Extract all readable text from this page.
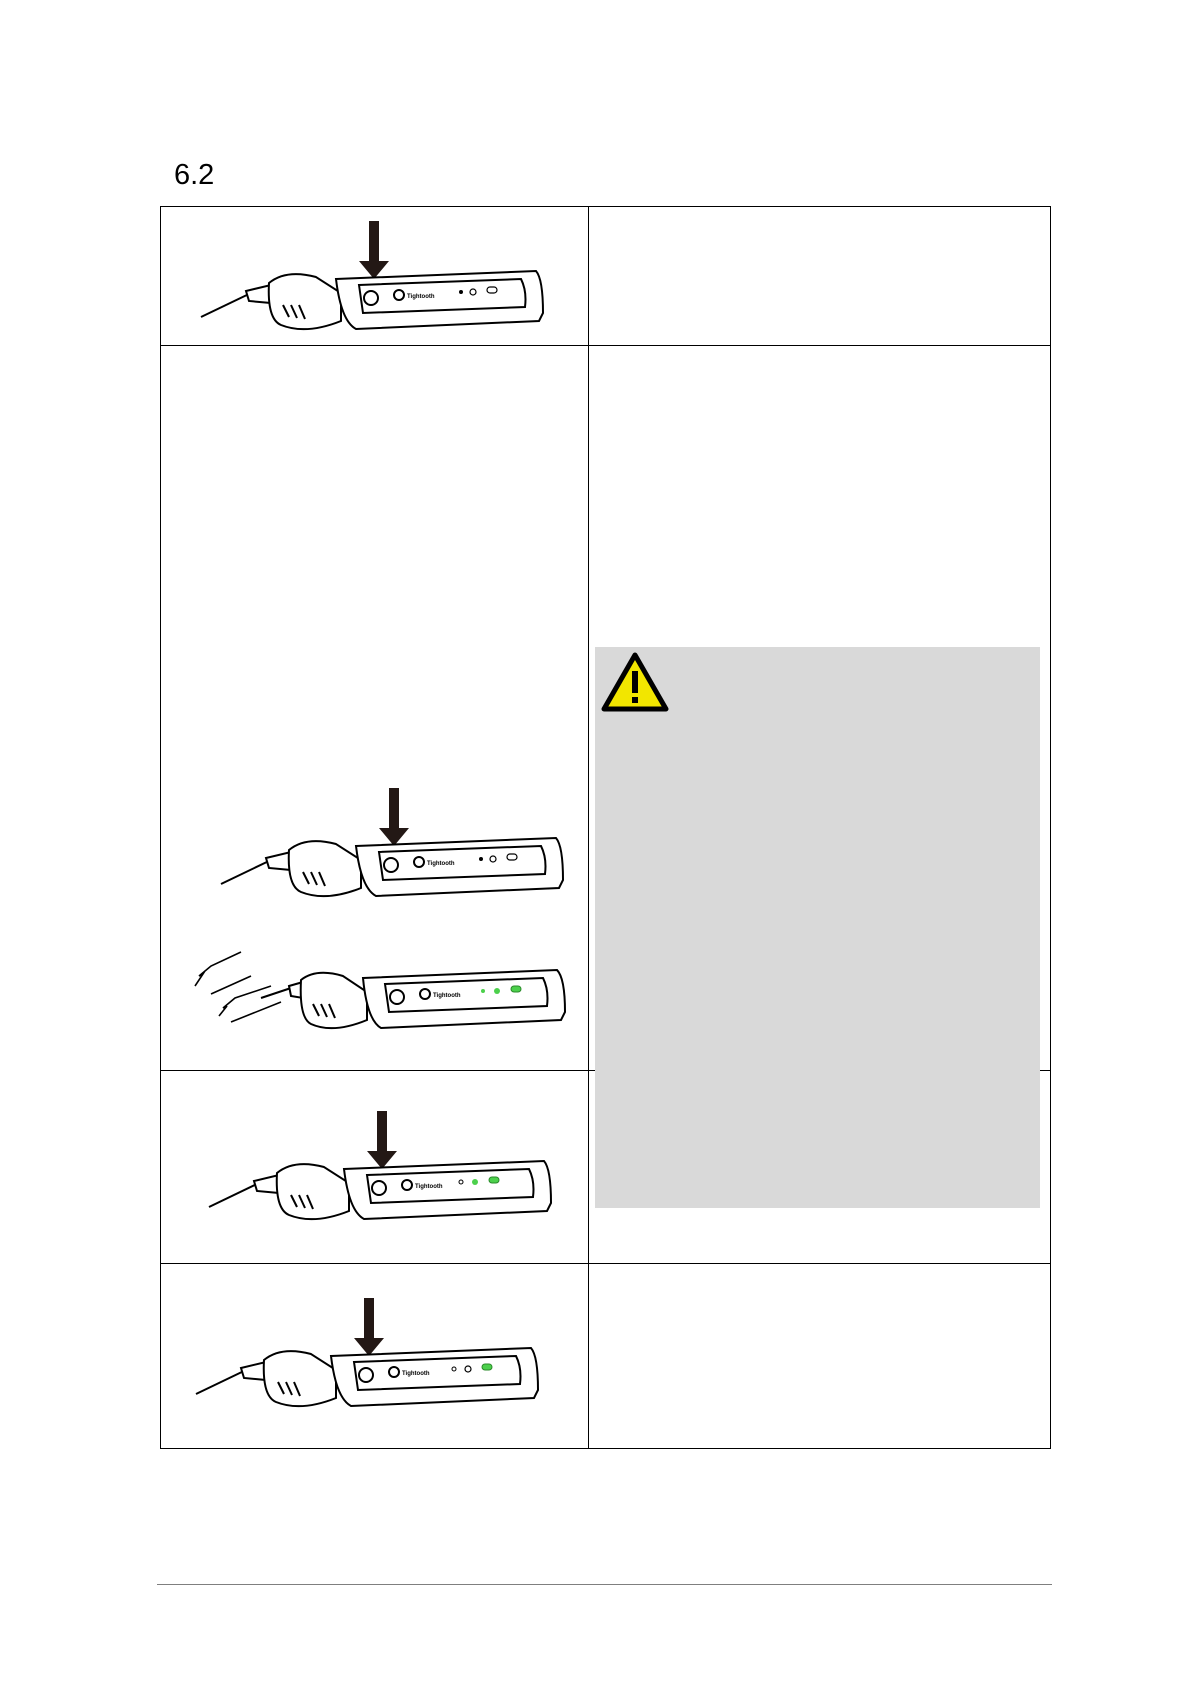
6.2
Tightooth
Tightooth
Tightooth
Tightooth
Tightooth
